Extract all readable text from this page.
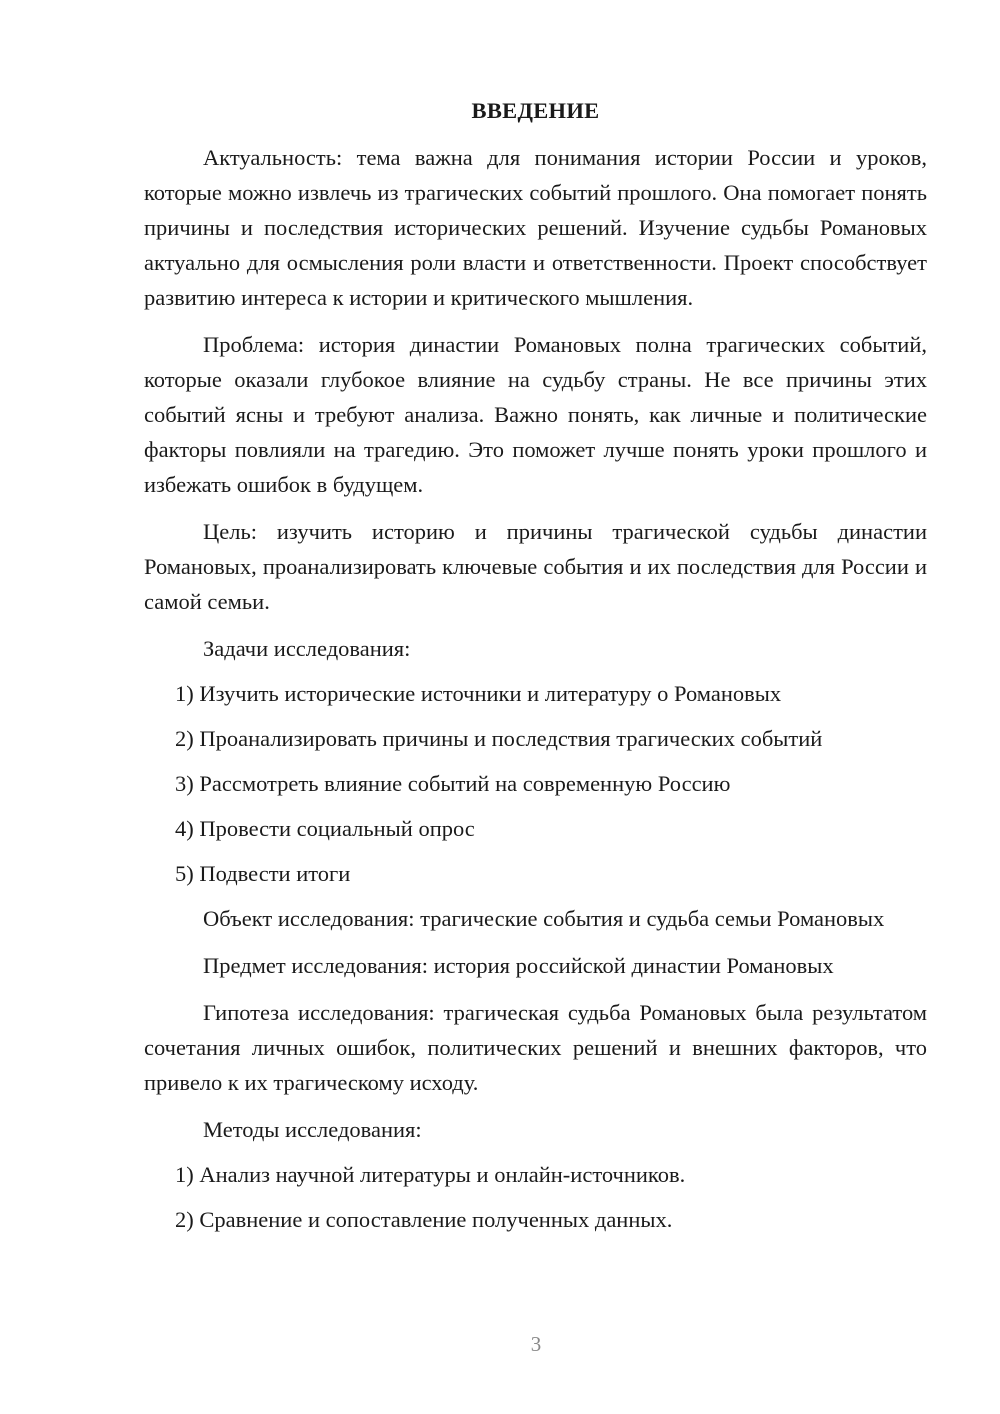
ВВЕДЕНИЕ

Актуальность: тема важна для понимания истории России и уроков, которые можно извлечь из трагических событий прошлого. Она помогает понять причины и последствия исторических решений. Изучение судьбы Романовых актуально для осмысления роли власти и ответственности. Проект способствует развитию интереса к истории и критического мышления.

Проблема: история династии Романовых полна трагических событий, которые оказали глубокое влияние на судьбу страны. Не все причины этих событий ясны и требуют анализа. Важно понять, как личные и политические факторы повлияли на трагедию. Это поможет лучше понять уроки прошлого и избежать ошибок в будущем.

Цель: изучить историю и причины трагической судьбы династии Романовых, проанализировать ключевые события и их последствия для России и самой семьи.

Задачи исследования:

1) Изучить исторические источники и литературу о Романовых

2) Проанализировать причины и последствия трагических событий

3) Рассмотреть влияние событий на современную Россию

4) Провести социальный опрос

5) Подвести итоги

Объект исследования: трагические события и судьба семьи Романовых

Предмет исследования: история российской династии Романовых

Гипотеза исследования: трагическая судьба Романовых была результатом сочетания личных ошибок, политических решений и внешних факторов, что привело к их трагическому исходу.

Методы исследования:

1) Анализ научной литературы и онлайн-источников.

2) Сравнение и сопоставление полученных данных.

3
